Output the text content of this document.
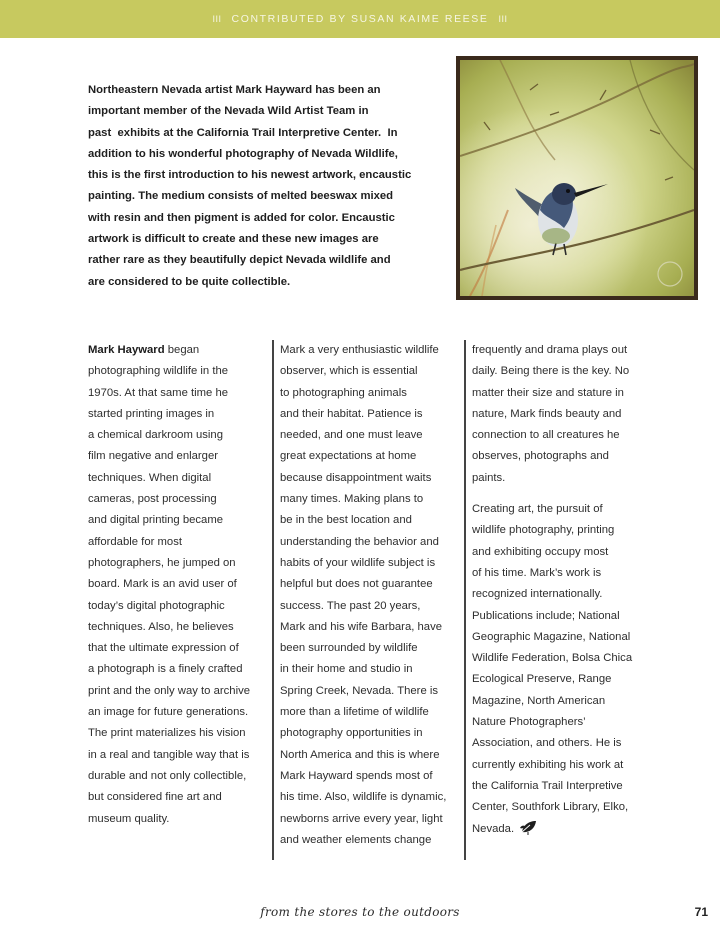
III CONTRIBUTED BY SUSAN KAIME REESE III
Northeastern Nevada artist Mark Hayward has been an
important member of the Nevada Wild Artist Team in
past  exhibits at the California Trail Interpretive Center.  In
addition to his wonderful photography of Nevada Wildlife,
this is the first introduction to his newest artwork, encaustic
painting. The medium consists of melted beeswax mixed
with resin and then pigment is added for color. Encaustic
artwork is difficult to create and these new images are
rather rare as they beautifully depict Nevada wildlife and
are considered to be quite collectible.

Mark Hayward began
photographing wildlife in the
1970s. At that same time he
started printing images in
a chemical darkroom using
film negative and enlarger
techniques. When digital
cameras, post processing
and digital printing became
affordable for most
photographers, he jumped on
board. Mark is an avid user of
today’s digital photographic
techniques. Also, he believes
that the ultimate expression of
a photograph is a finely crafted
print and the only way to archive
an image for future generations.
The print materializes his vision
in a real and tangible way that is
durable and not only collectible,
but considered fine art and
museum quality.

Mark a very enthusiastic wildlife
observer, which is essential
to photographing animals
and their habitat. Patience is
needed, and one must leave
great expectations at home
because disappointment waits
many times. Making plans to
be in the best location and
understanding the behavior and
habits of your wildlife subject is
helpful but does not guarantee
success. The past 20 years,
Mark and his wife Barbara, have
been surrounded by wildlife
in their home and studio in
Spring Creek, Nevada. There is
more than a lifetime of wildlife
photography opportunities in
North America and this is where
Mark Hayward spends most of
his time. Also, wildlife is dynamic,
newborns arrive every year, light
and weather elements change

frequently and drama plays out
daily. Being there is the key. No
matter their size and stature in
nature, Mark finds beauty and
connection to all creatures he
observes, photographs and
paints.

Creating art, the pursuit of
wildlife photography, printing
and exhibiting occupy most
of his time. Mark’s work is
recognized internationally.
Publications include; National
Geographic Magazine, National
Wildlife Federation, Bolsa Chica
Ecological Preserve, Range
Magazine, North American
Nature Photographers’
Association, and others. He is
currently exhibiting his work at
the California Trail Interpretive
Center, Southfork Library, Elko,
Nevada.

from the stores to the outdoors	71
